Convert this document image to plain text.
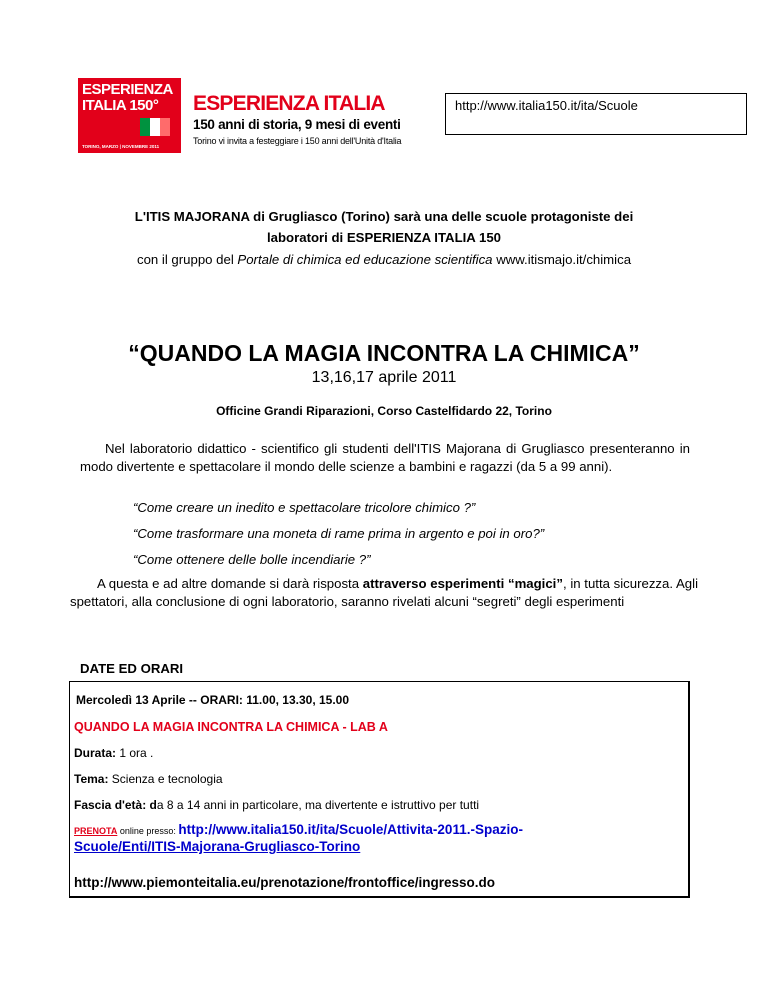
ESPERIENZA
ITALIA 150°
TORINO, MARZO | NOVEMBRE 2011
ESPERIENZA ITALIA
150 anni di storia, 9 mesi di eventi
Torino vi invita a festeggiare i 150 anni dell'Unità d'Italia
http://www.italia150.it/ita/Scuole
L'ITIS MAJORANA di Grugliasco (Torino) sarà una delle scuole protagoniste dei
laboratori di ESPERIENZA ITALIA 150
con il gruppo del Portale di chimica ed educazione scientifica www.itismajo.it/chimica
“QUANDO LA MAGIA INCONTRA LA CHIMICA”
13,16,17 aprile 2011
Officine Grandi Riparazioni, Corso Castelfidardo 22, Torino
Nel laboratorio didattico - scientifico gli studenti dell'ITIS Majorana di Grugliasco presenteranno in modo divertente e spettacolare il mondo delle scienze a bambini e ragazzi (da 5 a 99 anni).
“Come creare un inedito e spettacolare tricolore chimico ?”
“Come trasformare una moneta di rame prima in argento e poi in oro?”
“Come ottenere delle bolle incendiarie ?”
A questa e ad altre domande si darà risposta attraverso esperimenti “magici”, in tutta sicurezza. Agli spettatori, alla conclusione di ogni laboratorio, saranno rivelati alcuni “segreti” degli esperimenti
DATE ED ORARI
Mercoledì 13 Aprile -- ORARI: 11.00, 13.30, 15.00
QUANDO LA MAGIA INCONTRA LA CHIMICA - LAB A
Durata: 1 ora .
Tema: Scienza e tecnologia
Fascia d'età: da 8 a 14 anni in particolare, ma divertente e istruttivo per tutti
PRENOTA online presso: http://www.italia150.it/ita/Scuole/Attivita-2011.-Spazio-
Scuole/Enti/ITIS-Majorana-Grugliasco-Torino
http://www.piemonteitalia.eu/prenotazione/frontoffice/ingresso.do
